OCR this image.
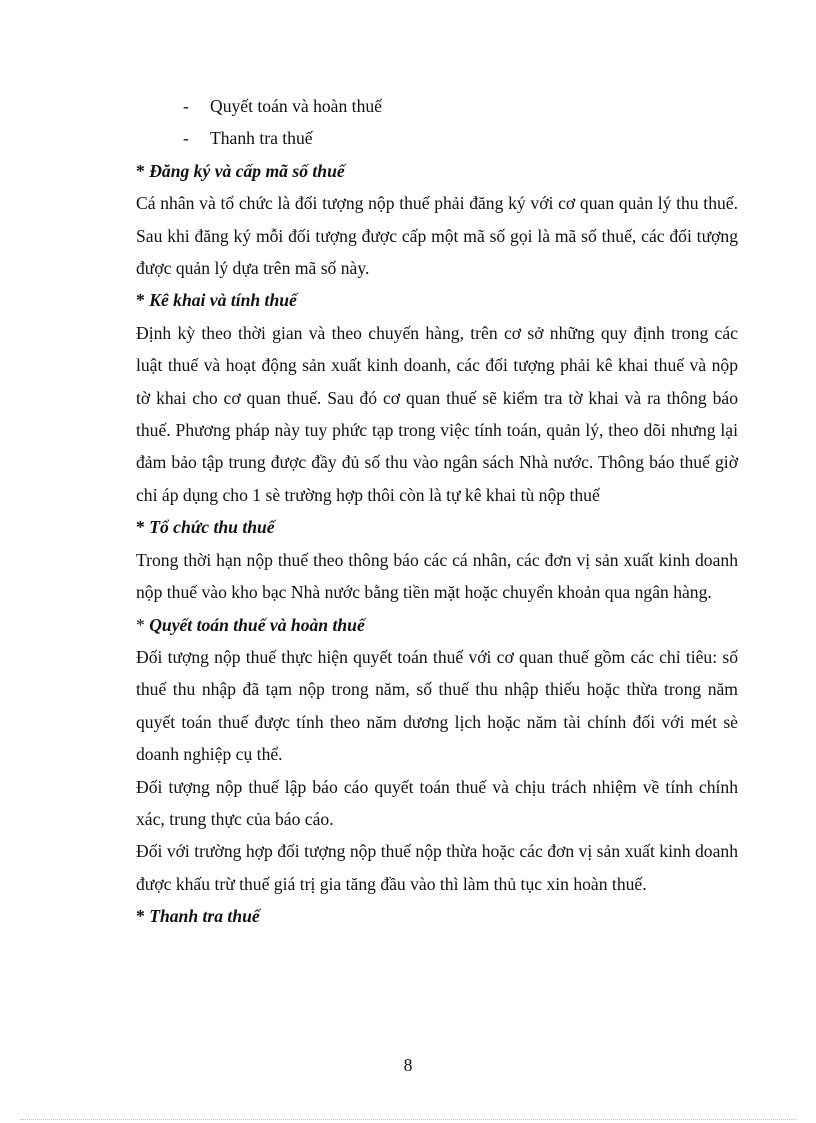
- Quyết toán và hoàn thuế

- Thanh tra thuế

* Đăng ký và cấp mã số thuế

Cá nhân và tổ chức là đối tượng nộp thuế phải đăng ký với cơ quan quản lý thu thuế. Sau khi đăng ký mỗi đối tượng được cấp một mã số gọi là mã số thuế, các đối tượng được quản lý dựa trên mã số này.

* Kê khai và tính thuế

Định kỳ theo thời gian và theo chuyến hàng, trên cơ sở những quy định trong các luật thuế và hoạt động sản xuất kinh doanh, các đối tượng phải kê khai thuế và nộp tờ khai cho cơ quan thuế. Sau đó cơ quan thuế sẽ kiểm tra tờ khai và ra thông báo thuế. Phương pháp này tuy phức tạp trong việc tính toán, quản lý, theo dõi nhưng lại đảm bảo tập trung được đầy đủ số thu vào ngân sách Nhà nước. Thông báo thuế giờ chỉ áp dụng cho 1 sè trường hợp thôi còn là tự kê khai tù nộp thuế

* Tổ chức thu thuế

Trong thời hạn nộp thuế theo thông báo các cá nhân, các đơn vị sản xuất kinh doanh nộp thuế vào kho bạc Nhà nước bằng tiền mặt hoặc chuyển khoản qua ngân hàng.

* Quyết toán thuế và hoàn thuế

Đối tượng nộp thuế thực hiện quyết toán thuế với cơ quan thuế gồm các chỉ tiêu: số thuế thu nhập đã tạm nộp trong năm, số thuế thu nhập thiếu hoặc thừa trong năm quyết toán thuế được tính theo năm dương lịch hoặc năm tài chính đối với mét sè doanh nghiệp cụ thể.

Đối tượng nộp thuế lập báo cáo quyết toán thuế và chịu trách nhiệm về tính chính xác, trung thực của báo cáo.

Đối với trường hợp đối tượng nộp thuế nộp thừa hoặc các đơn vị sản xuất kinh doanh được khấu trừ thuế giá trị gia tăng đầu vào thì làm thủ tục xin hoàn thuế.

* Thanh tra thuế

8
